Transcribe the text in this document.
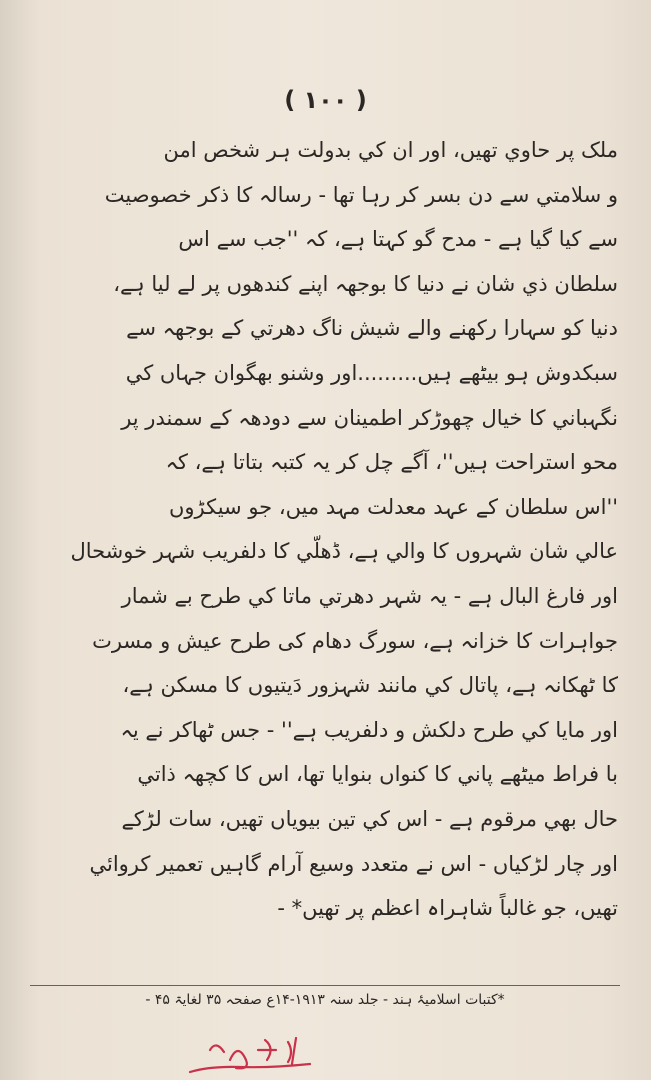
( ۱۰۰ )
ملک پر حاوي تھیں، اور ان کي بدولت ہر شخص امن
و سلامتي سے دن بسر کر رہا تھا - رسالہ کا ذکر خصوصیت
سے کیا گیا ہے - مدح گو کہتا ہے، کہ ''جب سے اس
سلطان ذي شان نے دنیا کا بوجھہ اپنے کندھوں پر لے لیا ہے،
دنیا کو سہارا رکھنے والے شیش ناگ دھرتي کے بوجھہ سے
سبکدوش ہو بیٹھے ہیں.........اور وشنو بھگوان جہاں کي
نگہباني کا خیال چھوڑکر اطمینان سے دودھہ کے سمندر پر
محو استراحت ہیں''، آگے چل کر یہ کتبہ بتاتا ہے، کہ
''اس سلطان کے عہد معدلت مہد میں، جو سیکڑوں
عالي شان شہروں کا والي ہے، ڈھلّي کا دلفریب شہر خوشحال
اور فارغ البال ہے - یہ شہر دھرتي ماتا کي طرح بے شمار
جواہرات کا خزانہ ہے، سورگ دھام کی طرح عیش و مسرت
کا ٹھکانہ ہے، پاتال کي مانند شہزور دَیتیوں کا مسکن ہے،
اور مایا کي طرح دلکش و دلفریب ہے'' - جس ٹھاکر نے یہ
با فراط میٹھے پاني کا کنواں بنوایا تھا، اس کا کچھہ ذاتي
حال بھي مرقوم ہے - اس کي تین بیویاں تھیں، سات لڑکے
اور چار لڑکیاں - اس نے متعدد وسیع آرام گاہیں تعمیر کروائي
تھیں، جو غالباً شاہراہ اعظم پر تھیں* -
*کتبات اسلامیۂ ہند - جلد سنہ ۱۹۱۳-۱۴ع صفحہ ۳۵ لغایۃ ۴۵ -
